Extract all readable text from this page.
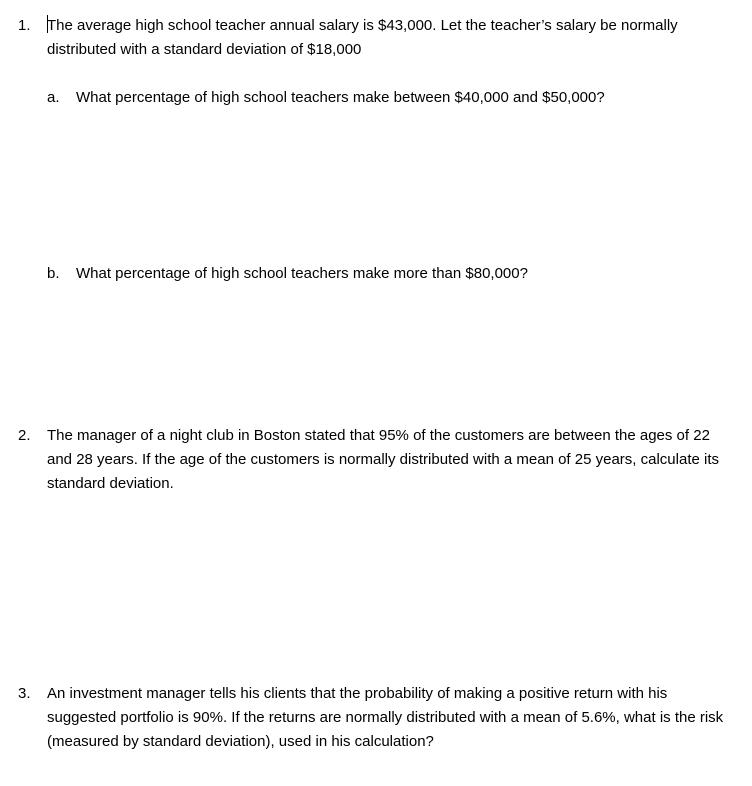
1. The average high school teacher annual salary is $43,000. Let the teacher’s salary be normally distributed with a standard deviation of $18,000
a. What percentage of high school teachers make between $40,000 and $50,000?
b. What percentage of high school teachers make more than $80,000?
2. The manager of a night club in Boston stated that 95% of the customers are between the ages of 22 and 28 years. If the age of the customers is normally distributed with a mean of 25 years, calculate its standard deviation.
3. An investment manager tells his clients that the probability of making a positive return with his suggested portfolio is 90%. If the returns are normally distributed with a mean of 5.6%, what is the risk (measured by standard deviation), used in his calculation?
